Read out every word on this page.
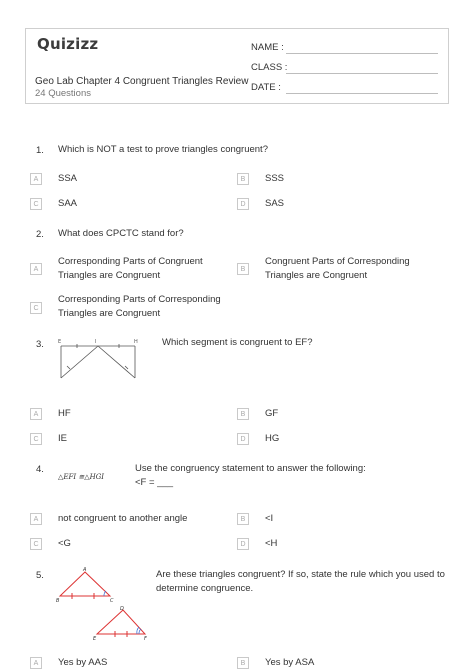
Quizizz
Geo Lab Chapter 4 Congruent Triangles Review
24 Questions
NAME :
CLASS :
DATE :
1. Which is NOT a test to prove triangles congruent?
A	SSA	B	SSS
C	SAA	D	SAS
2. What does CPCTC stand for?
A
Corresponding Parts of Congruent Triangles are Congruent
B
Congruent Parts of Corresponding Triangles are Congruent
C
Corresponding Parts of Corresponding Triangles are Congruent
3.	E	I	H	Which segment is congruent to EF?
A	HF	B	GF
C	IE	D	HG
4.
△EFI ≅△HGI
Use the congruency statement to answer the following:
<F = ___
A	not congruent to another angle	B	<I
C	<G	D	<H
5.	A
B	C
D
E	F
Are these triangles congruent? If so, state the rule which you used to determine congruence.
A	Yes by AAS	B	Yes by ASA
